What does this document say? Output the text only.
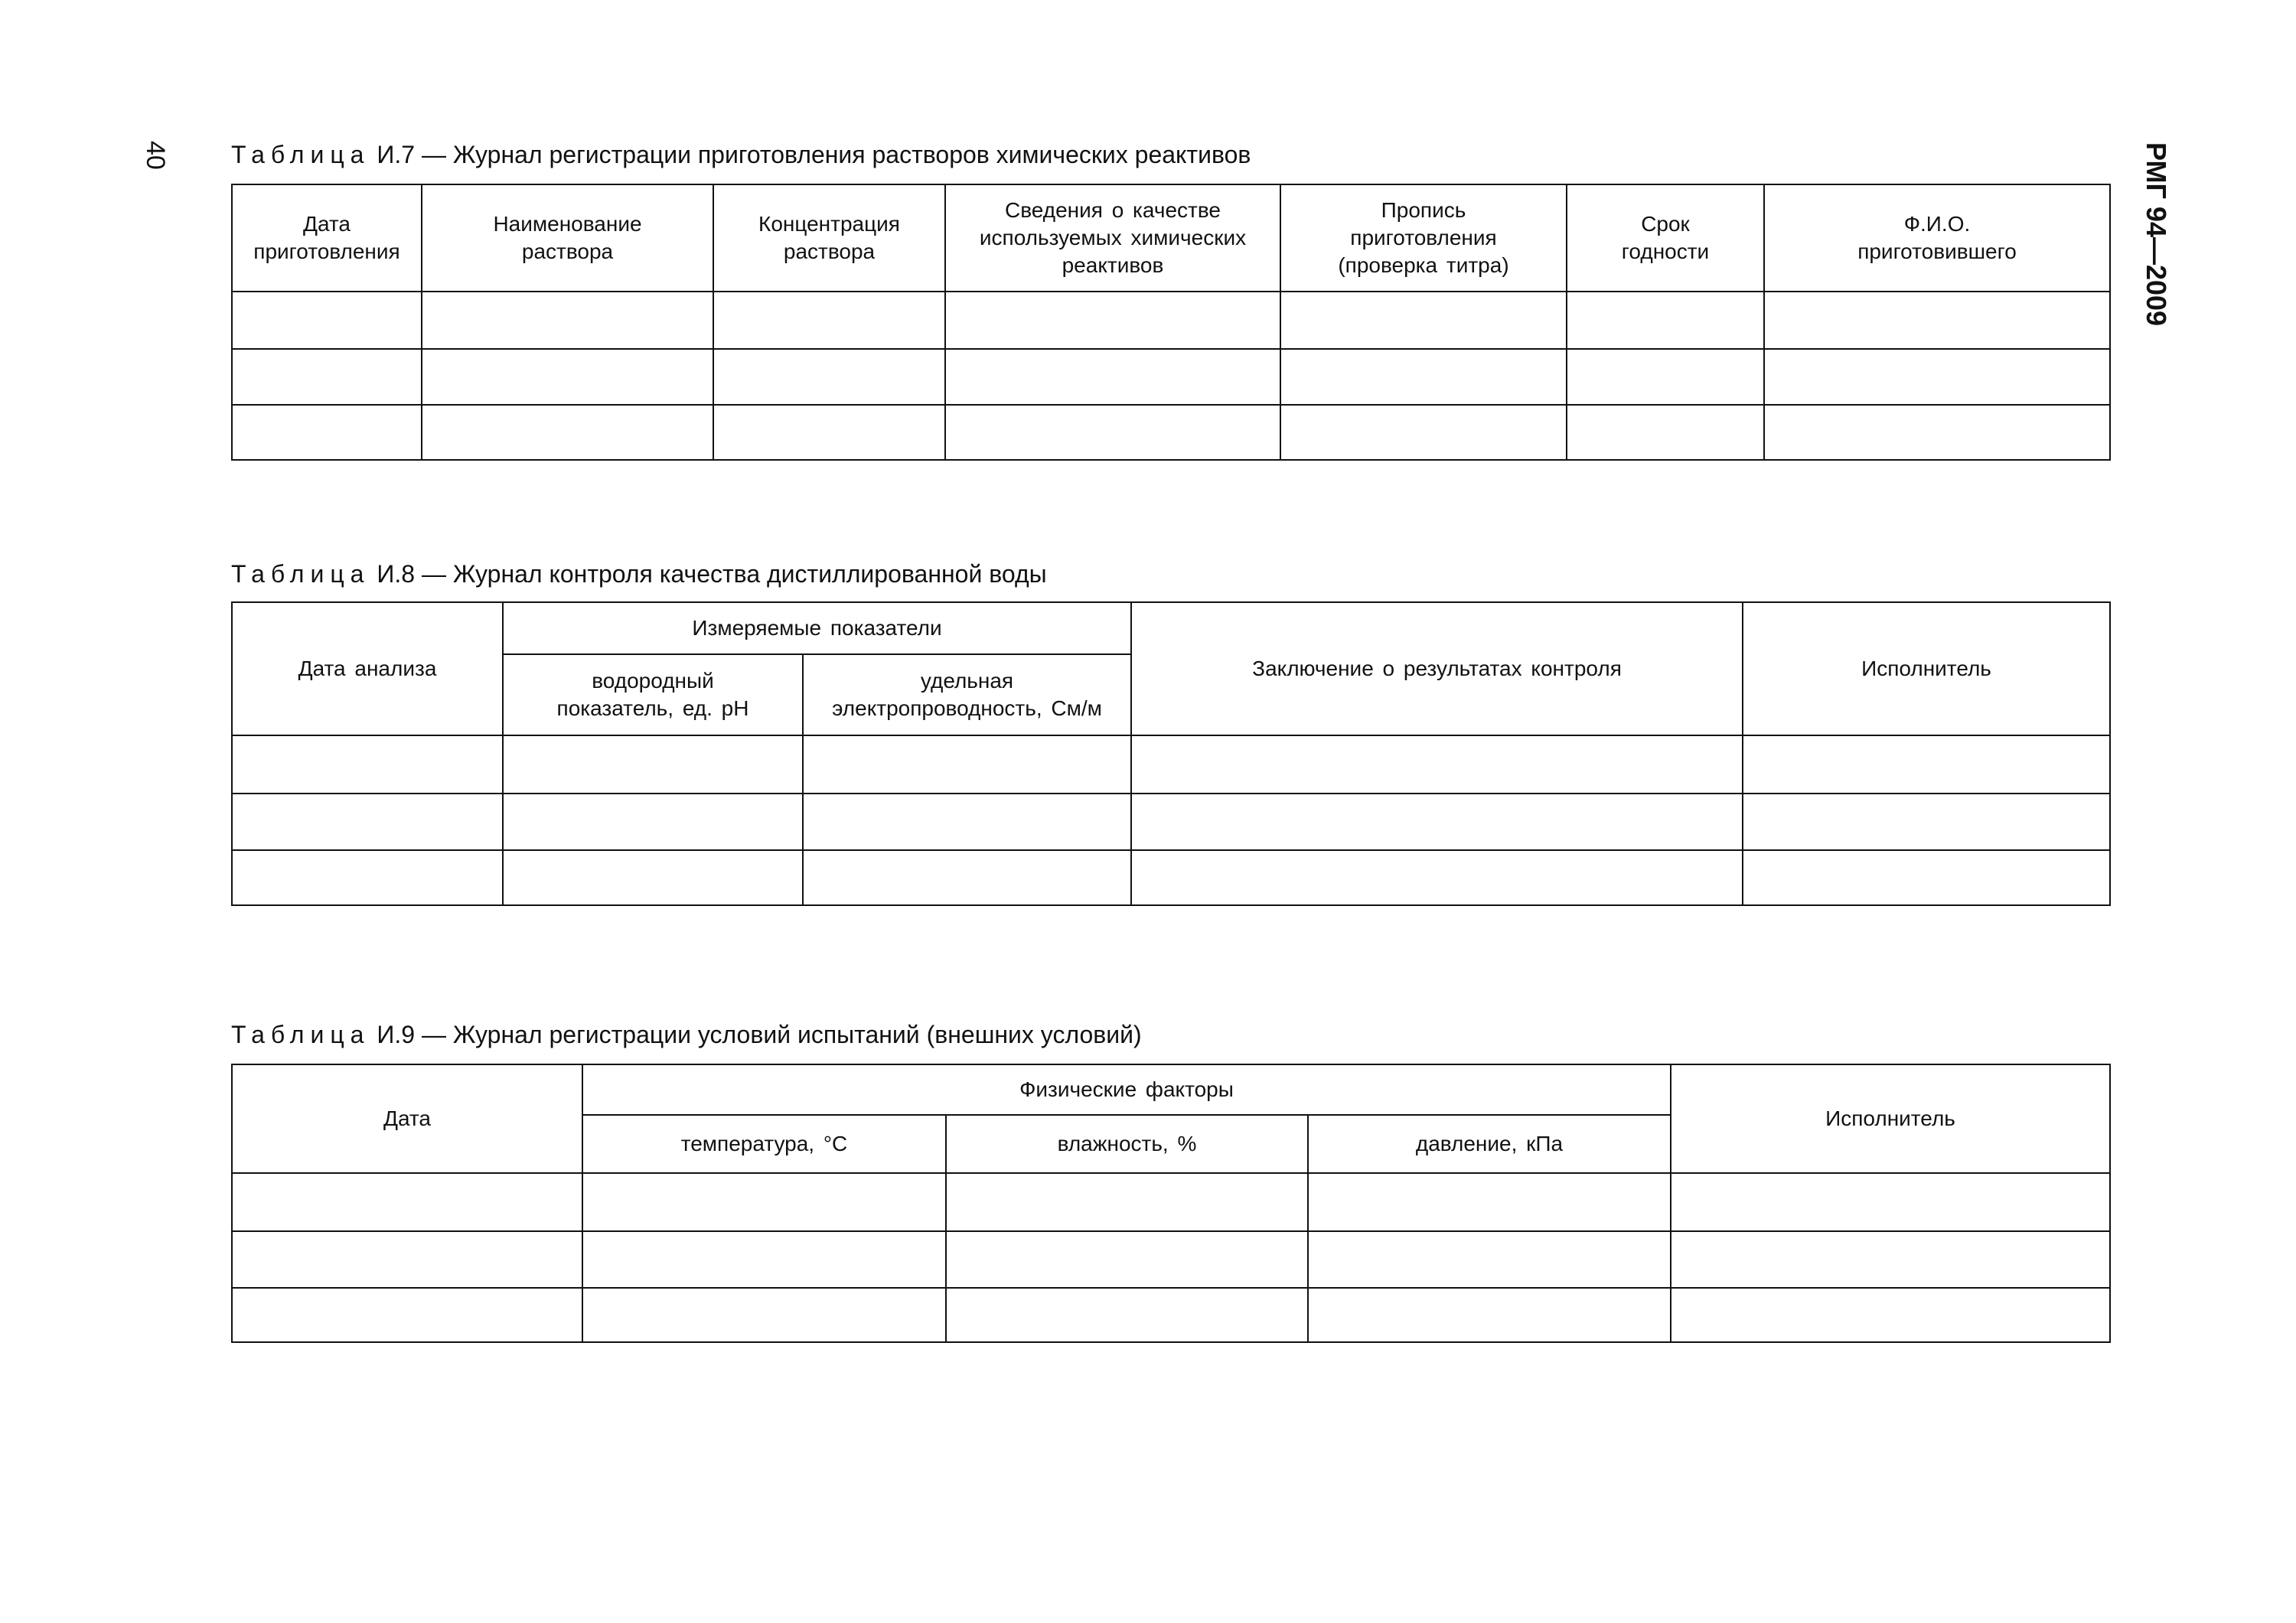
40	РМГ 94—2009
Таблица И.7 — Журнал регистрации приготовления растворов химических реактивов
Дата
приготовления	Наименование
раствора	Концентрация
раствора	Сведения о качестве
используемых химических
реактивов	Пропись
приготовления
(проверка титра)	Срок
годности	Ф.И.О.
приготовившего

Таблица И.8 — Журнал контроля качества дистиллированной воды
Дата анализа	Измеряемые показатели		Заключение о результатах контроля	Исполнитель
	водородный
показатель, ед. pH	удельная
электропроводность, См/м		

Таблица И.9 — Журнал регистрации условий испытаний (внешних условий)
Дата	Физические факторы			Исполнитель
	температура, °С	влажность, %	давление, кПа	
